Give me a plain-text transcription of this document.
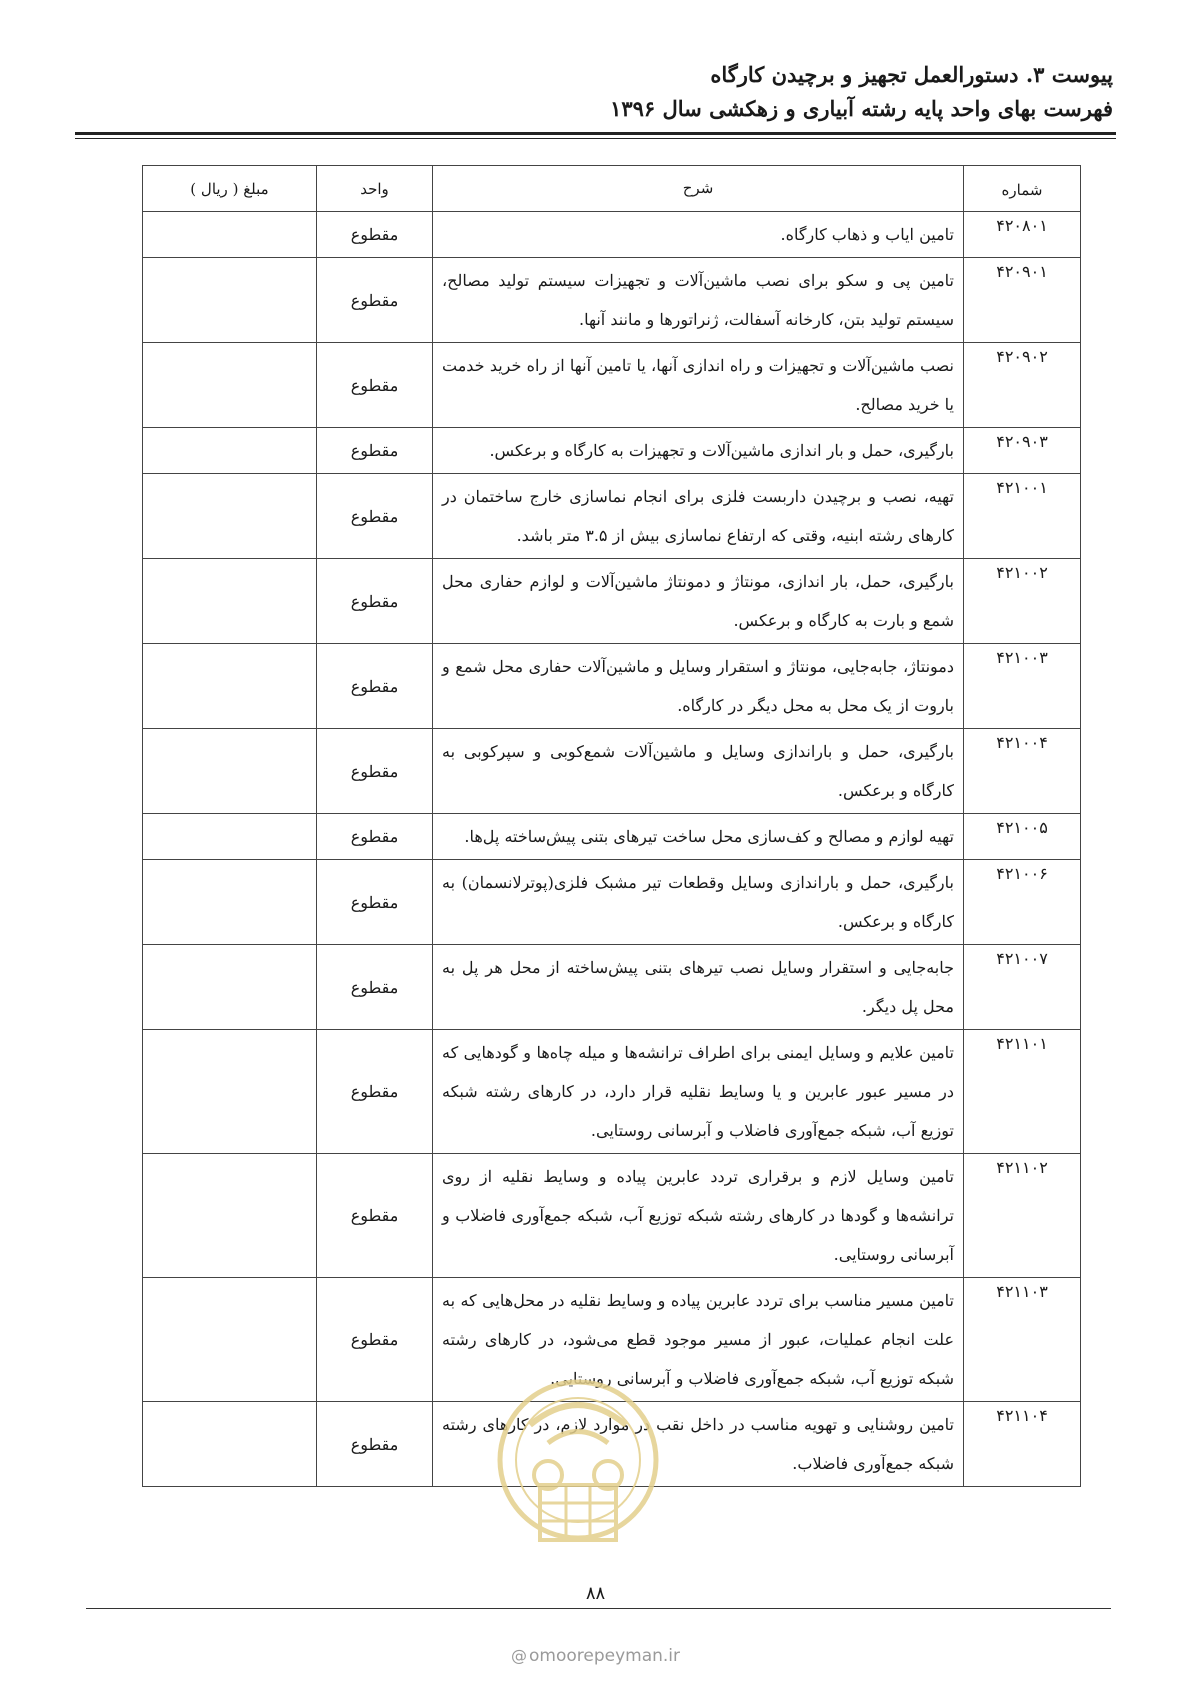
پیوست ۳. دستورالعمل تجهیز و برچیدن کارگاه
فهرست بهای واحد پایه رشته آبیاری و زهکشی سال ۱۳۹۶
شماره	شرح	واحد	مبلغ ( ریال )
۴۲۰۸۰۱	تامین ایاب و ذهاب کارگاه.	مقطوع	
۴۲۰۹۰۱	تامین پی و سکو برای نصب ماشین‌آلات و تجهیزات سیستم تولید مصالح، سیستم تولید بتن، کارخانه آسفالت، ژنراتورها و مانند آنها.	مقطوع	
۴۲۰۹۰۲	نصب ماشین‌آلات و تجهیزات و راه اندازی آنها، یا تامین آنها از راه خرید خدمت یا خرید مصالح.	مقطوع	
۴۲۰۹۰۳	بارگیری، حمل و بار اندازی ماشین‌آلات و تجهیزات به کارگاه و برعکس.	مقطوع	
۴۲۱۰۰۱	تهیه، نصب و برچیدن داربست فلزی برای انجام نماسازی خارج ساختمان در کارهای رشته ابنیه، وقتی که ارتفاع نماسازی بیش از ۳.۵ متر باشد.	مقطوع	
۴۲۱۰۰۲	بارگیری، حمل، بار اندازی، مونتاژ و دمونتاژ ماشین‌آلات و لوازم حفاری محل شمع و بارت به کارگاه و برعکس.	مقطوع	
۴۲۱۰۰۳	دمونتاژ، جابه‌جایی، مونتاژ و استقرار وسایل و ماشین‌آلات حفاری محل شمع و باروت از یک محل به محل دیگر در کارگاه.	مقطوع	
۴۲۱۰۰۴	بارگیری، حمل و باراندازی وسایل و ماشین‌آلات شمع‌کوبی و سپرکوبی به کارگاه و برعکس.	مقطوع	
۴۲۱۰۰۵	تهیه لوازم و مصالح و کف‌سازی محل ساخت تیرهای بتنی پیش‌ساخته پل‌ها.	مقطوع	
۴۲۱۰۰۶	بارگیری، حمل و باراندازی وسایل وقطعات تیر مشبک فلزی(پوترلانسمان) به کارگاه و برعکس.	مقطوع	
۴۲۱۰۰۷	جابه‌جایی و استقرار وسایل نصب تیرهای بتنی پیش‌ساخته از محل هر پل به محل پل دیگر.	مقطوع	
۴۲۱۱۰۱	تامین علایم و وسایل ایمنی برای اطراف ترانشه‌ها و میله چاه‌ها و گودهایی که در مسیر عبور عابرین و یا وسایط نقلیه قرار دارد، در کارهای رشته شبکه توزیع آب، شبکه جمع‌آوری فاضلاب و آبرسانی روستایی.	مقطوع	
۴۲۱۱۰۲	تامین وسایل لازم و برقراری تردد عابرین پیاده و وسایط نقلیه از روی ترانشه‌ها و گودها در کارهای رشته شبکه توزیع آب، شبکه جمع‌آوری فاضلاب و آبرسانی روستایی.	مقطوع	
۴۲۱۱۰۳	تامین مسیر مناسب برای تردد عابرین پیاده و وسایط نقلیه در محل‌هایی که به علت انجام عملیات، عبور از مسیر موجود قطع می‌شود، در کارهای رشته شبکه توزیع آب، شبکه جمع‌آوری فاضلاب و آبرسانی روستایی.	مقطوع	
۴۲۱۱۰۴	تامین روشنایی و تهویه مناسب در داخل نقب در موارد لازم، در کارهای رشته شبکه جمع‌آوری فاضلاب.	مقطوع	
۸۸
@ omoorepeyman.ir
